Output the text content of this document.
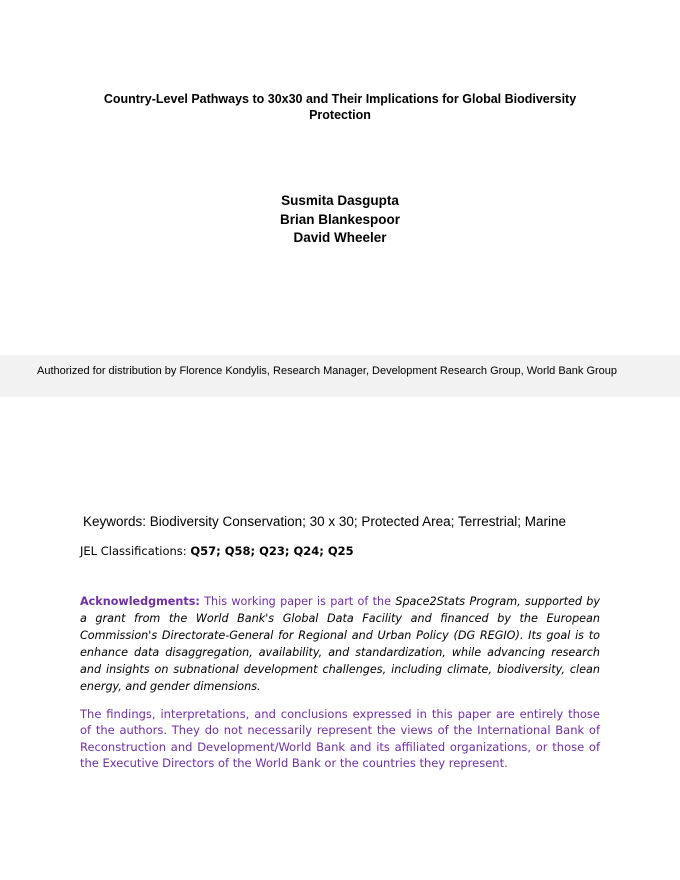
Country-Level Pathways to 30x30 and Their Implications for Global Biodiversity Protection
Susmita Dasgupta
Brian Blankespoor
David Wheeler
Authorized for distribution by Florence Kondylis, Research Manager, Development Research Group, World Bank Group
Keywords: Biodiversity Conservation; 30 x 30; Protected Area; Terrestrial; Marine
JEL Classifications: Q57; Q58; Q23; Q24; Q25
Acknowledgments: This working paper is part of the Space2Stats Program, supported by a grant from the World Bank's Global Data Facility and financed by the European Commission's Directorate-General for Regional and Urban Policy (DG REGIO). Its goal is to enhance data disaggregation, availability, and standardization, while advancing research and insights on subnational development challenges, including climate, biodiversity, clean energy, and gender dimensions.
The findings, interpretations, and conclusions expressed in this paper are entirely those of the authors. They do not necessarily represent the views of the International Bank of Reconstruction and Development/World Bank and its affiliated organizations, or those of the Executive Directors of the World Bank or the countries they represent.
